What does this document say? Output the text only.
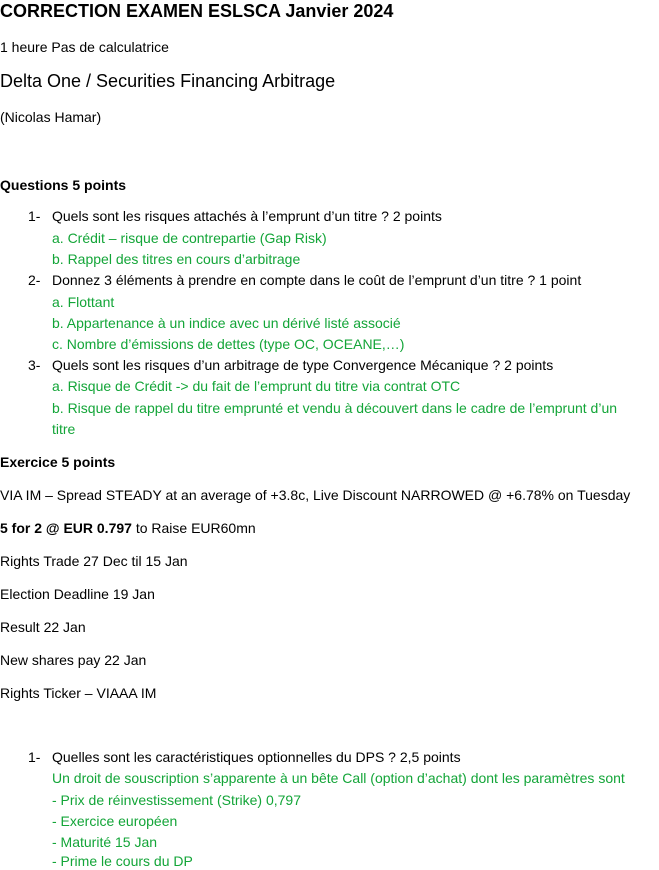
CORRECTION EXAMEN ESLSCA Janvier 2024
1 heure Pas de calculatrice
Delta One / Securities Financing Arbitrage
(Nicolas Hamar)
Questions 5 points
1- Quels sont les risques attachés à l’emprunt d’un titre ? 2 points
a. Crédit – risque de contrepartie (Gap Risk)
b. Rappel des titres en cours d’arbitrage
2- Donnez 3 éléments à prendre en compte dans le coût de l’emprunt d’un titre ? 1 point
a. Flottant
b. Appartenance à un indice avec un dérivé listé associé
c. Nombre d’émissions de dettes (type OC, OCEANE,…)
3- Quels sont les risques d’un arbitrage de type Convergence Mécanique ? 2 points
a. Risque de Crédit -> du fait de l’emprunt du titre via contrat OTC
b. Risque de rappel du titre emprunté et vendu à découvert dans le cadre de l’emprunt d’un
titre
Exercice 5 points
VIA IM – Spread STEADY at an average of +3.8c, Live Discount NARROWED @ +6.78% on Tuesday
5 for 2 @ EUR 0.797 to Raise EUR60mn
Rights Trade 27 Dec til 15 Jan
Election Deadline 19 Jan
Result 22 Jan
New shares pay 22 Jan
Rights Ticker – VIAAA IM
1- Quelles sont les caractéristiques optionnelles du DPS ? 2,5 points
Un droit de souscription s’apparente à un bête Call (option d’achat) dont les paramètres sont
- Prix de réinvestissement (Strike) 0,797
- Exercice européen
- Maturité 15 Jan
- Prime le cours du DP
